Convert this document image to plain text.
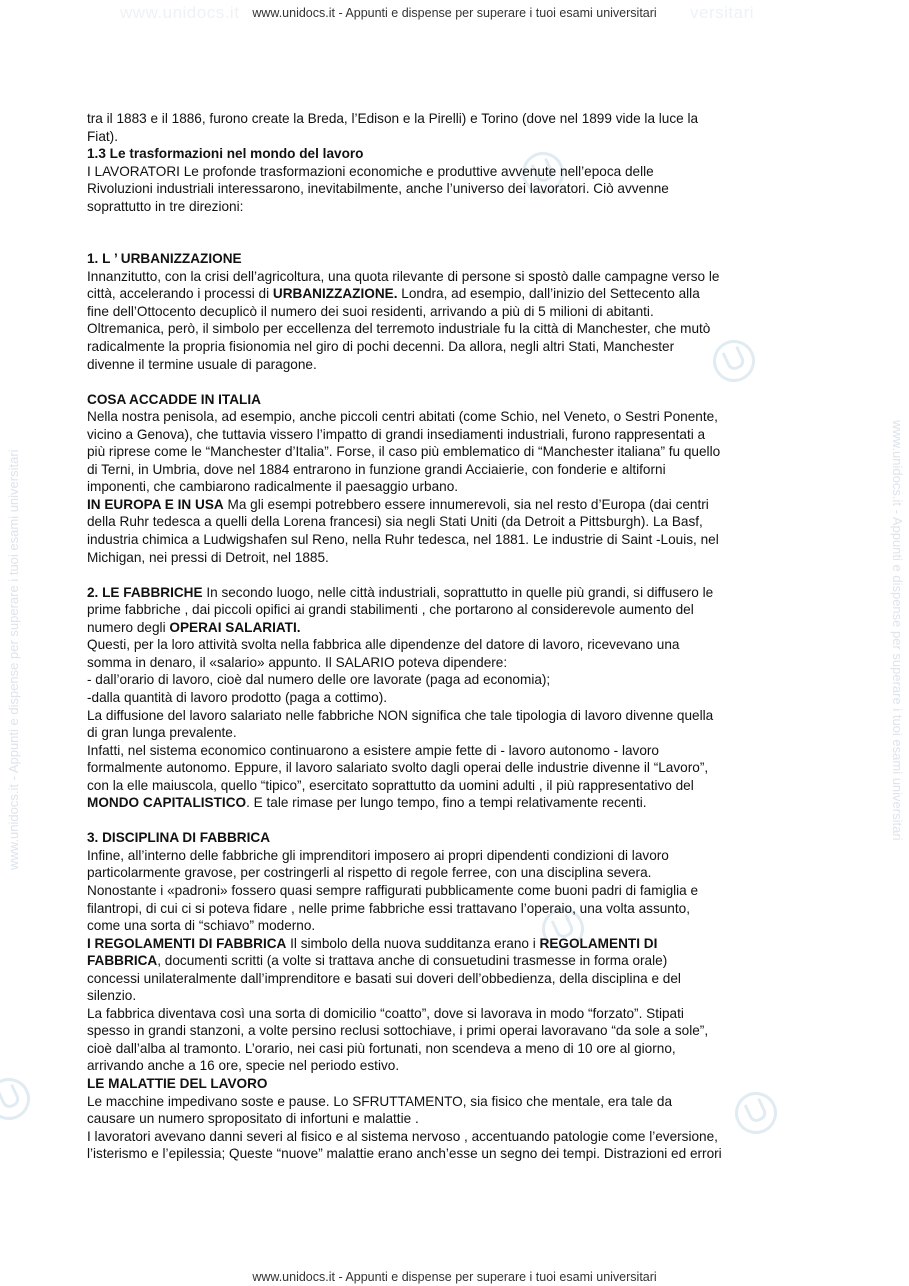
www.unidocs.it	versitari
www.unidocs.it - Appunti e dispense per superare i tuoi esami universitari	www.unidocs.it - Appunti e dispense per superare i tuoi esami universitari
www.unidocs.it - Appunti e dispense per superare i tuoi esami universitari

tra il 1883 e il 1886, furono create la Breda, l’Edison e la Pirelli) e Torino (dove nel 1899 vide la luce la

Fiat).

1.3 Le trasformazioni nel mondo del lavoro

I LAVORATORI Le profonde trasformazioni economiche e produttive avvenute nell’epoca delle

Rivoluzioni industriali interessarono, inevitabilmente, anche l’universo dei lavoratori. Ciò avvenne

soprattutto in tre direzioni:

1. L ’ URBANIZZAZIONE

Innanzitutto, con la crisi dell’agricoltura, una quota rilevante di persone si spostò dalle campagne verso le

città, accelerando i processi di URBANIZZAZIONE. Londra, ad esempio, dall’inizio del Settecento alla

fine dell’Ottocento decuplicò il numero dei suoi residenti, arrivando a più di 5 milioni di abitanti.

Oltremanica, però, il simbolo per eccellenza del terremoto industriale fu la città di Manchester, che mutò

radicalmente la propria fisionomia nel giro di pochi decenni. Da allora, negli altri Stati, Manchester

divenne il termine usuale di paragone.

COSA ACCADDE IN ITALIA

Nella nostra penisola, ad esempio, anche piccoli centri abitati (come Schio, nel Veneto, o Sestri Ponente,

vicino a Genova), che tuttavia vissero l’impatto di grandi insediamenti industriali, furono rappresentati a

più riprese come le “Manchester d’Italia”. Forse, il caso più emblematico di “Manchester italiana” fu quello

di Terni, in Umbria, dove nel 1884 entrarono in funzione grandi Acciaierie, con fonderie e altiforni

imponenti, che cambiarono radicalmente il paesaggio urbano.

IN EUROPA E IN USA Ma gli esempi potrebbero essere innumerevoli, sia nel resto d’Europa (dai centri

della Ruhr tedesca a quelli della Lorena francesi) sia negli Stati Uniti (da Detroit a Pittsburgh). La Basf,

industria chimica a Ludwigshafen sul Reno, nella Ruhr tedesca, nel 1881. Le industrie di Saint -Louis, nel

Michigan, nei pressi di Detroit, nel 1885.

2. LE FABBRICHE In secondo luogo, nelle città industriali, soprattutto in quelle più grandi, si diffusero le

prime fabbriche , dai piccoli opifici ai grandi stabilimenti , che portarono al considerevole aumento del

numero degli OPERAI SALARIATI.

Questi, per la loro attività svolta nella fabbrica alle dipendenze del datore di lavoro, ricevevano una

somma in denaro, il «salario» appunto. Il SALARIO poteva dipendere:

- dall’orario di lavoro, cioè dal numero delle ore lavorate (paga ad economia);

-dalla quantità di lavoro prodotto (paga a cottimo).

La diffusione del lavoro salariato nelle fabbriche NON significa che tale tipologia di lavoro divenne quella

di gran lunga prevalente.

Infatti, nel sistema economico continuarono a esistere ampie fette di - lavoro autonomo - lavoro

formalmente autonomo. Eppure, il lavoro salariato svolto dagli operai delle industrie divenne il “Lavoro”,

con la elle maiuscola, quello “tipico”, esercitato soprattutto da uomini adulti , il più rappresentativo del

MONDO CAPITALISTICO. E tale rimase per lungo tempo, fino a tempi relativamente recenti.

3. DISCIPLINA DI FABBRICA

Infine, all’interno delle fabbriche gli imprenditori imposero ai propri dipendenti condizioni di lavoro

particolarmente gravose, per costringerli al rispetto di regole ferree, con una disciplina severa.

Nonostante i «padroni» fossero quasi sempre raffigurati pubblicamente come buoni padri di famiglia e

filantropi, di cui ci si poteva fidare , nelle prime fabbriche essi trattavano l’operaio, una volta assunto,

come una sorta di “schiavo” moderno.

I REGOLAMENTI DI FABBRICA Il simbolo della nuova sudditanza erano i REGOLAMENTI DI

FABBRICA, documenti scritti (a volte si trattava anche di consuetudini trasmesse in forma orale)

concessi unilateralmente dall’imprenditore e basati sui doveri dell’obbedienza, della disciplina e del

silenzio.

La fabbrica diventava così una sorta di domicilio “coatto”, dove si lavorava in modo “forzato”. Stipati

spesso in grandi stanzoni, a volte persino reclusi sottochiave, i primi operai lavoravano “da sole a sole”,

cioè dall’alba al tramonto. L’orario, nei casi più fortunati, non scendeva a meno di 10 ore al giorno,

arrivando anche a 16 ore, specie nel periodo estivo.

LE MALATTIE DEL LAVORO

Le macchine impedivano soste e pause. Lo SFRUTTAMENTO, sia fisico che mentale, era tale da

causare un numero spropositato di infortuni e malattie .

I lavoratori avevano danni severi al fisico e al sistema nervoso , accentuando patologie come l’eversione,

l’isterismo e l’epilessia; Queste “nuove” malattie erano anch’esse un segno dei tempi. Distrazioni ed errori

www.unidocs.it - Appunti e dispense per superare i tuoi esami universitari
